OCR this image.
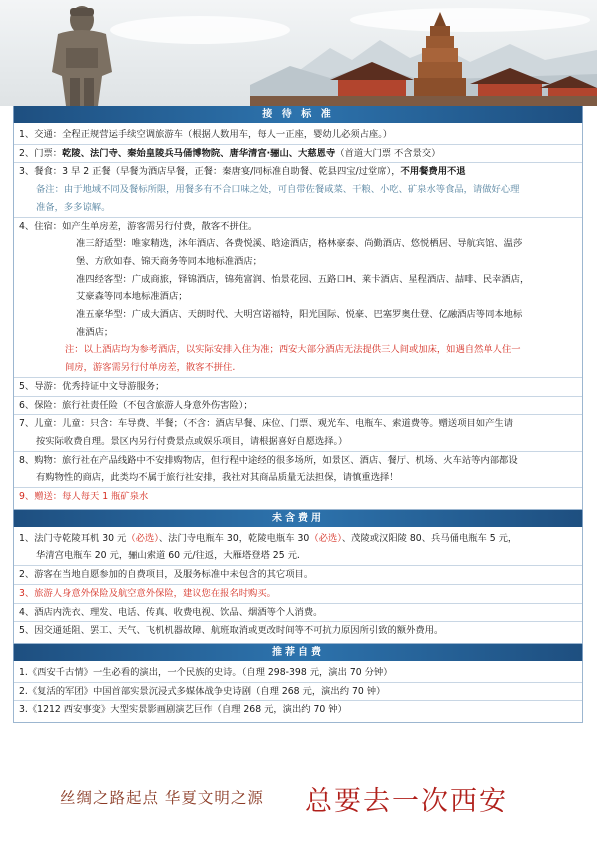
接 待 标 准
1、交通：全程正规营运手续空调旅游车（根据人数用车，每人一正座，婴幼儿必须占座。）
2、门票：乾陵、法门寺、秦始皇陵兵马俑博物院、唐华清宫·骊山、大慈恩寺（首道大门票 不含景交）
3、餐食：3 早 2 正餐（早餐为酒店早餐，正餐：秦唐宴/同标准自助餐、乾县四宝/过堂席），不用餐费用不退
备注：由于地域不同及餐标所限，用餐多有不合口味之处，可自带佐餐咸菜、干粮、小吃、矿泉水等食品，请做好心理
准备，多多谅解。
4、住宿：如产生单房差，游客需另行付费，散客不拼住。
准三舒适型：唯家精选，沐年酒店、各费悦溪、晗途酒店，格林豪泰、尚勤酒店、悠悦栖居、导航宾馆、温莎
堡、方欣如春、锦天商务等同本地标准酒店；
准四经客型：广成商旅，铎锦酒店，锦苑富润、怡景花园、五路口H、莱卡酒店、星程酒店、喆啡、民幸酒店，
艾豪森等同本地标准酒店；
准五豪华型：广成大酒店、天朗时代、大明宫诺福特，阳光国际、悦豪、巴塞罗奥仕登、亿融酒店等同本地标
准酒店；
注：以上酒店均为参考酒店，以实际安排入住为准；西安大部分酒店无法提供三人间或加床，如遇自然单人住一
间房，游客需另行付单房差，散客不拼住.
5、导游：优秀持证中文导游服务；
6、保险：旅行社责任险（不包含旅游人身意外伤害险）；
7、儿童：儿童：只含：车导费、半餐；（不含：酒店早餐、床位、门票、观光车、电瓶车、索道费等。赠送项目如产生请
按实际收费自理。景区内另行付费景点或娱乐项目，请根据喜好自愿选择。）
8、购物：旅行社在产品线路中不安排购物店，但行程中途经的很多场所，如景区、酒店、餐厅、机场、火车站等内部都设
有购物性的商店，此类均不属于旅行社安排，我社对其商品质量无法担保，请慎重选择！
9、赠送：每人每天 1 瓶矿泉水
未含费用
1、法门寺乾陵耳机 30 元（必选）、法门寺电瓶车 30，乾陵电瓶车 30（必选）、茂陵或汉阳陵 80、兵马俑电瓶车 5 元，
华清宫电瓶车 20 元，骊山索道 60 元/往返，大雁塔登塔 25 元.
2、游客在当地自愿参加的自费项目，及服务标准中未包含的其它项目。
3、旅游人身意外保险及航空意外保险，建议您在报名时购买。
4、酒店内洗衣、理发、电话、传真、收费电视、饮品、烟酒等个人消费。
5、因交通延阻、罢工、天气、飞机机器故障、航班取消或更改时间等不可抗力原因所引致的额外费用。
推荐自费
1.《西安千古情》一生必看的演出，一个民族的史诗。（自理 298-398 元，演出 70 分钟）
2.《复活的军团》中国首部实景沉浸式多媒体战争史诗剧（自理 268 元，演出约 70 钟）
3.《1212 西安事变》大型实景影画剧演艺巨作（自理 268 元，演出约 70 钟）
丝绸之路起点 华夏文明之源 总要去一次西安
